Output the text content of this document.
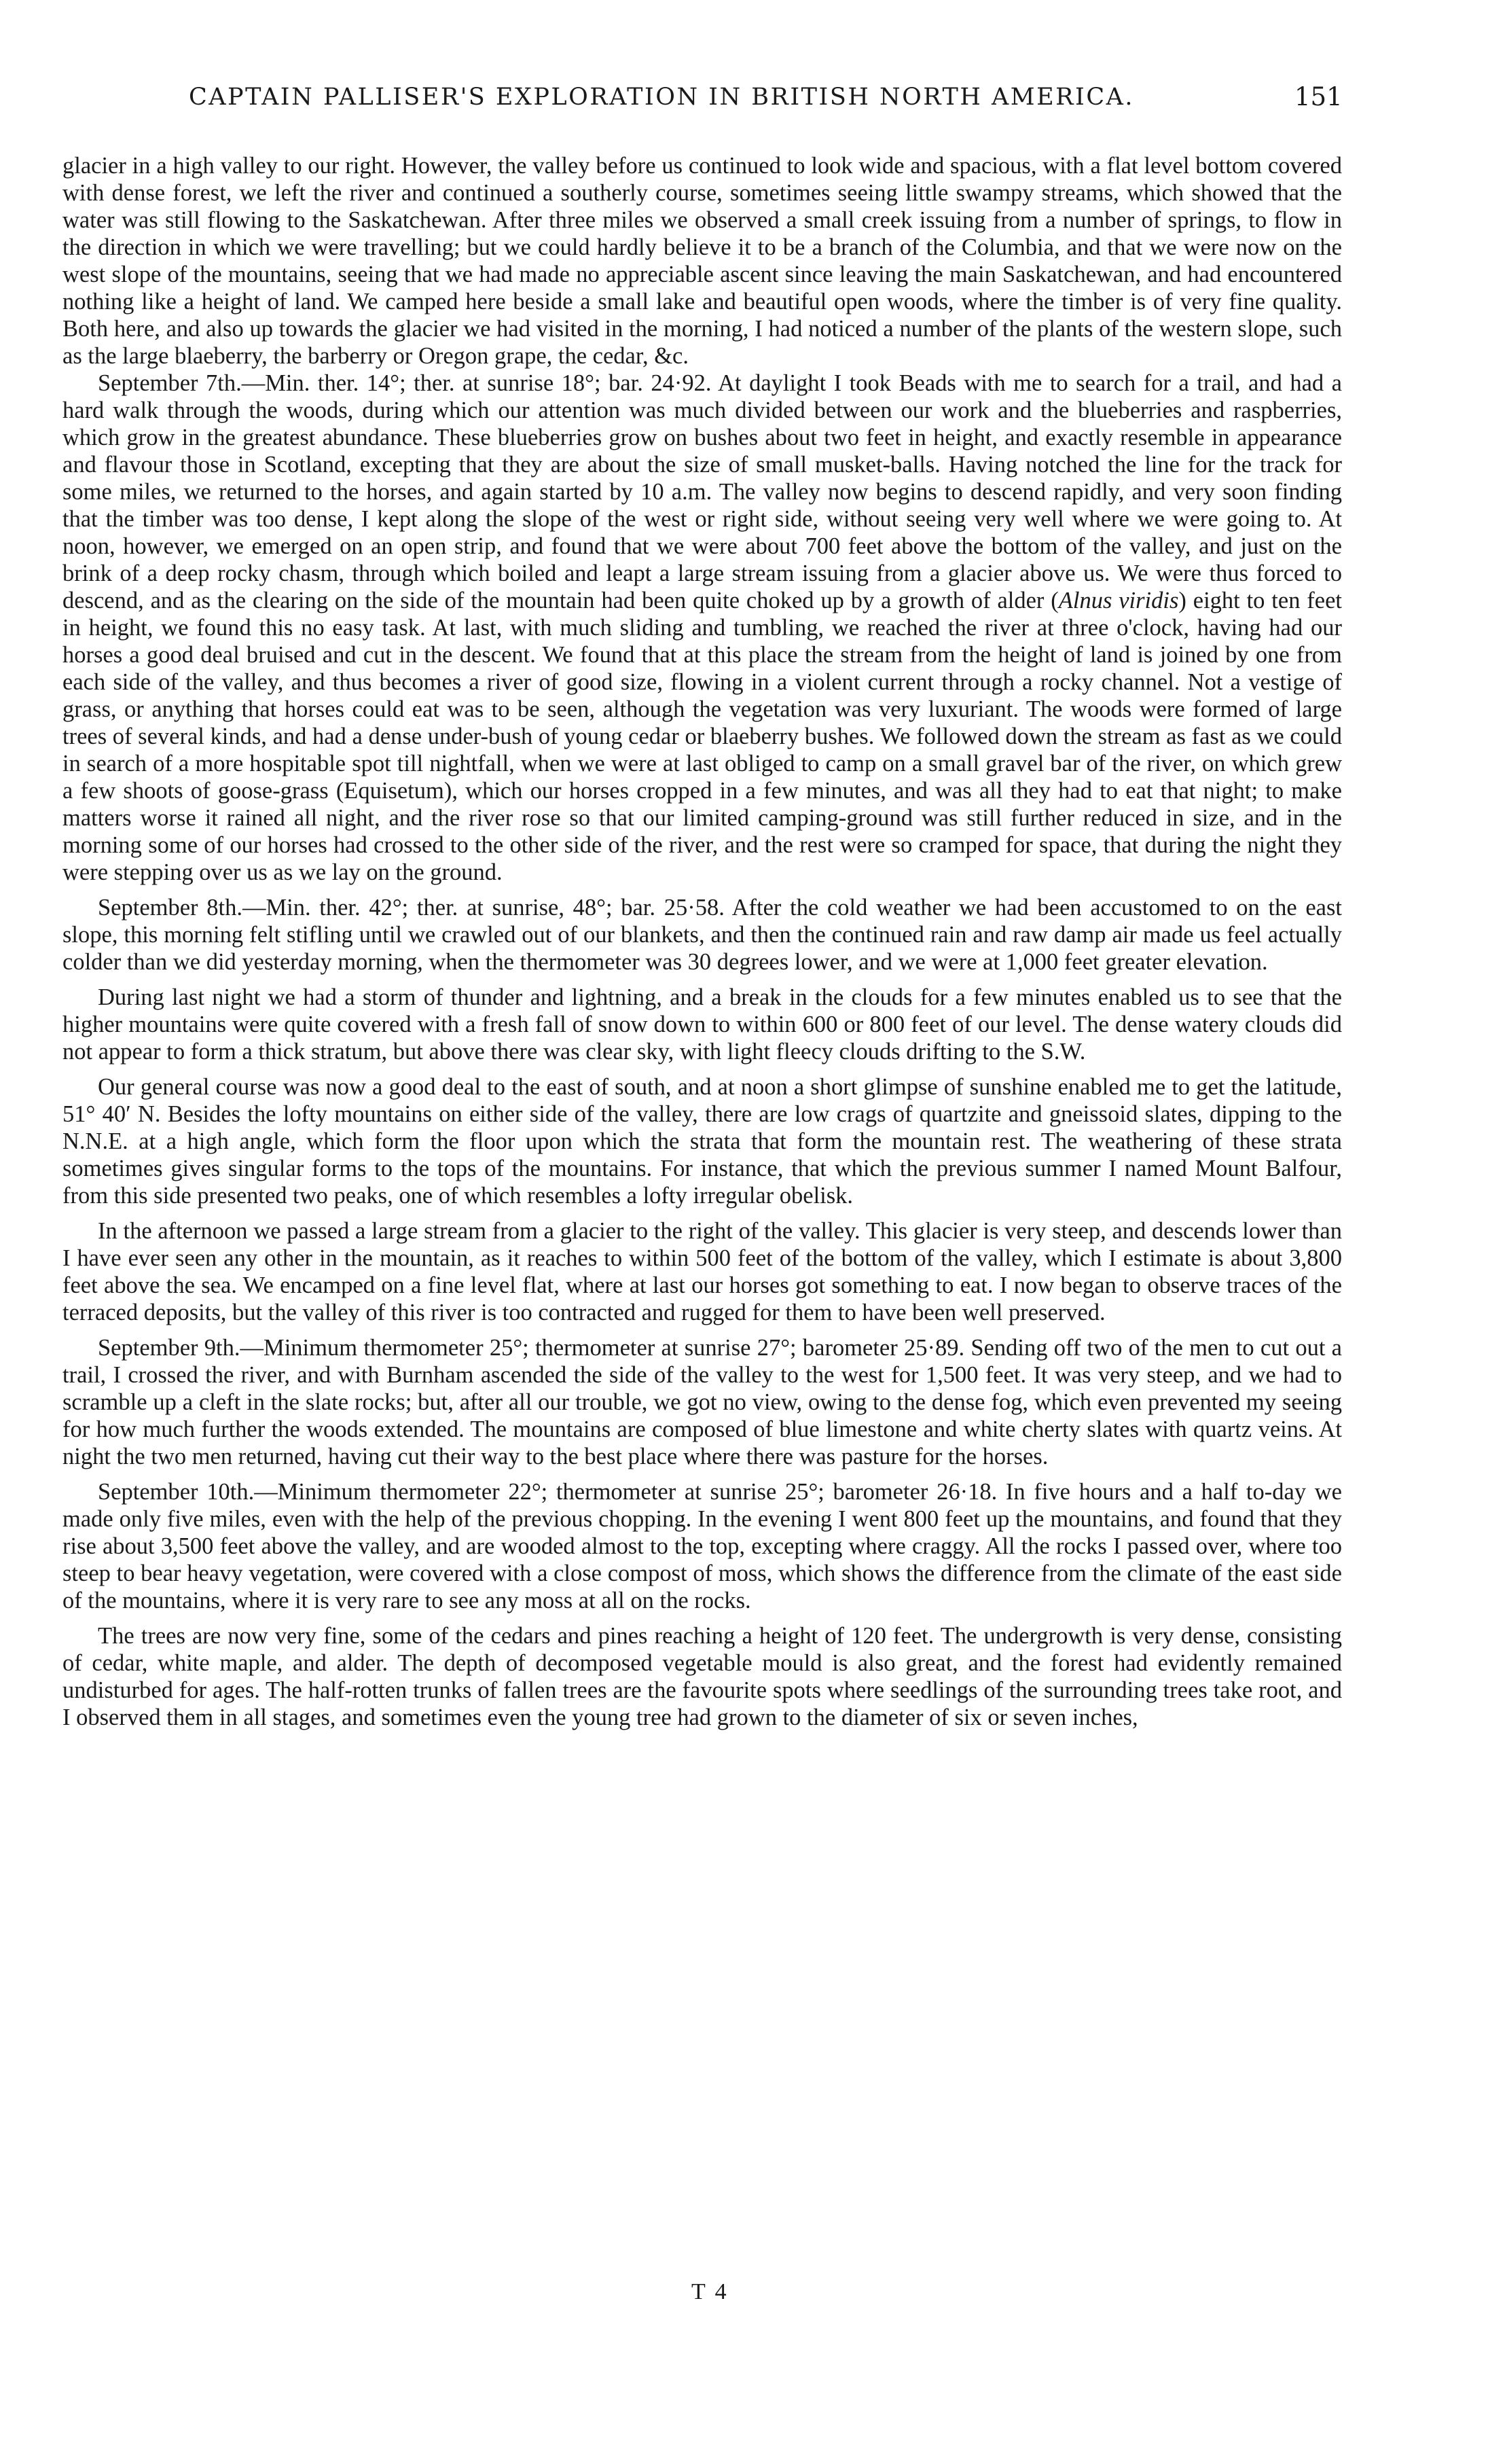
CAPTAIN PALLISER'S EXPLORATION IN BRITISH NORTH AMERICA.	151

glacier in a high valley to our right. However, the valley before us continued to look wide and spacious, with a flat level bottom covered with dense forest, we left the river and continued a southerly course, sometimes seeing little swampy streams, which showed that the water was still flowing to the Saskatchewan. After three miles we observed a small creek issuing from a number of springs, to flow in the direction in which we were travelling; but we could hardly believe it to be a branch of the Columbia, and that we were now on the west slope of the mountains, seeing that we had made no appreciable ascent since leaving the main Saskatchewan, and had encountered nothing like a height of land. We camped here beside a small lake and beautiful open woods, where the timber is of very fine quality. Both here, and also up towards the glacier we had visited in the morning, I had noticed a number of the plants of the western slope, such as the large blaeberry, the barberry or Oregon grape, the cedar, &c.

September 7th.—Min. ther. 14°; ther. at sunrise 18°; bar. 24·92. At daylight I took Beads with me to search for a trail, and had a hard walk through the woods, during which our attention was much divided between our work and the blueberries and raspberries, which grow in the greatest abundance. These blueberries grow on bushes about two feet in height, and exactly resemble in appearance and flavour those in Scotland, excepting that they are about the size of small musket-balls. Having notched the line for the track for some miles, we returned to the horses, and again started by 10 a.m. The valley now begins to descend rapidly, and very soon finding that the timber was too dense, I kept along the slope of the west or right side, without seeing very well where we were going to. At noon, however, we emerged on an open strip, and found that we were about 700 feet above the bottom of the valley, and just on the brink of a deep rocky chasm, through which boiled and leapt a large stream issuing from a glacier above us. We were thus forced to descend, and as the clearing on the side of the mountain had been quite choked up by a growth of alder (Alnus viridis) eight to ten feet in height, we found this no easy task. At last, with much sliding and tumbling, we reached the river at three o'clock, having had our horses a good deal bruised and cut in the descent. We found that at this place the stream from the height of land is joined by one from each side of the valley, and thus becomes a river of good size, flowing in a violent current through a rocky channel. Not a vestige of grass, or anything that horses could eat was to be seen, although the vegetation was very luxuriant. The woods were formed of large trees of several kinds, and had a dense under-bush of young cedar or blaeberry bushes. We followed down the stream as fast as we could in search of a more hospitable spot till nightfall, when we were at last obliged to camp on a small gravel bar of the river, on which grew a few shoots of goose-grass (Equisetum), which our horses cropped in a few minutes, and was all they had to eat that night; to make matters worse it rained all night, and the river rose so that our limited camping-ground was still further reduced in size, and in the morning some of our horses had crossed to the other side of the river, and the rest were so cramped for space, that during the night they were stepping over us as we lay on the ground.

September 8th.—Min. ther. 42°; ther. at sunrise, 48°; bar. 25·58. After the cold weather we had been accustomed to on the east slope, this morning felt stifling until we crawled out of our blankets, and then the continued rain and raw damp air made us feel actually colder than we did yesterday morning, when the thermometer was 30 degrees lower, and we were at 1,000 feet greater elevation.

During last night we had a storm of thunder and lightning, and a break in the clouds for a few minutes enabled us to see that the higher mountains were quite covered with a fresh fall of snow down to within 600 or 800 feet of our level. The dense watery clouds did not appear to form a thick stratum, but above there was clear sky, with light fleecy clouds drifting to the S.W.

Our general course was now a good deal to the east of south, and at noon a short glimpse of sunshine enabled me to get the latitude, 51° 40′ N. Besides the lofty mountains on either side of the valley, there are low crags of quartzite and gneissoid slates, dipping to the N.N.E. at a high angle, which form the floor upon which the strata that form the mountain rest. The weathering of these strata sometimes gives singular forms to the tops of the mountains. For instance, that which the previous summer I named Mount Balfour, from this side presented two peaks, one of which resembles a lofty irregular obelisk.

In the afternoon we passed a large stream from a glacier to the right of the valley. This glacier is very steep, and descends lower than I have ever seen any other in the mountain, as it reaches to within 500 feet of the bottom of the valley, which I estimate is about 3,800 feet above the sea. We encamped on a fine level flat, where at last our horses got something to eat. I now began to observe traces of the terraced deposits, but the valley of this river is too contracted and rugged for them to have been well preserved.

September 9th.—Minimum thermometer 25°; thermometer at sunrise 27°; barometer 25·89. Sending off two of the men to cut out a trail, I crossed the river, and with Burnham ascended the side of the valley to the west for 1,500 feet. It was very steep, and we had to scramble up a cleft in the slate rocks; but, after all our trouble, we got no view, owing to the dense fog, which even prevented my seeing for how much further the woods extended. The mountains are composed of blue limestone and white cherty slates with quartz veins. At night the two men returned, having cut their way to the best place where there was pasture for the horses.

September 10th.—Minimum thermometer 22°; thermometer at sunrise 25°; barometer 26·18. In five hours and a half to-day we made only five miles, even with the help of the previous chopping. In the evening I went 800 feet up the mountains, and found that they rise about 3,500 feet above the valley, and are wooded almost to the top, excepting where craggy. All the rocks I passed over, where too steep to bear heavy vegetation, were covered with a close compost of moss, which shows the difference from the climate of the east side of the mountains, where it is very rare to see any moss at all on the rocks.

The trees are now very fine, some of the cedars and pines reaching a height of 120 feet. The undergrowth is very dense, consisting of cedar, white maple, and alder. The depth of decomposed vegetable mould is also great, and the forest had evidently remained undisturbed for ages. The half-rotten trunks of fallen trees are the favourite spots where seedlings of the surrounding trees take root, and I observed them in all stages, and sometimes even the young tree had grown to the diameter of six or seven inches,

T 4
